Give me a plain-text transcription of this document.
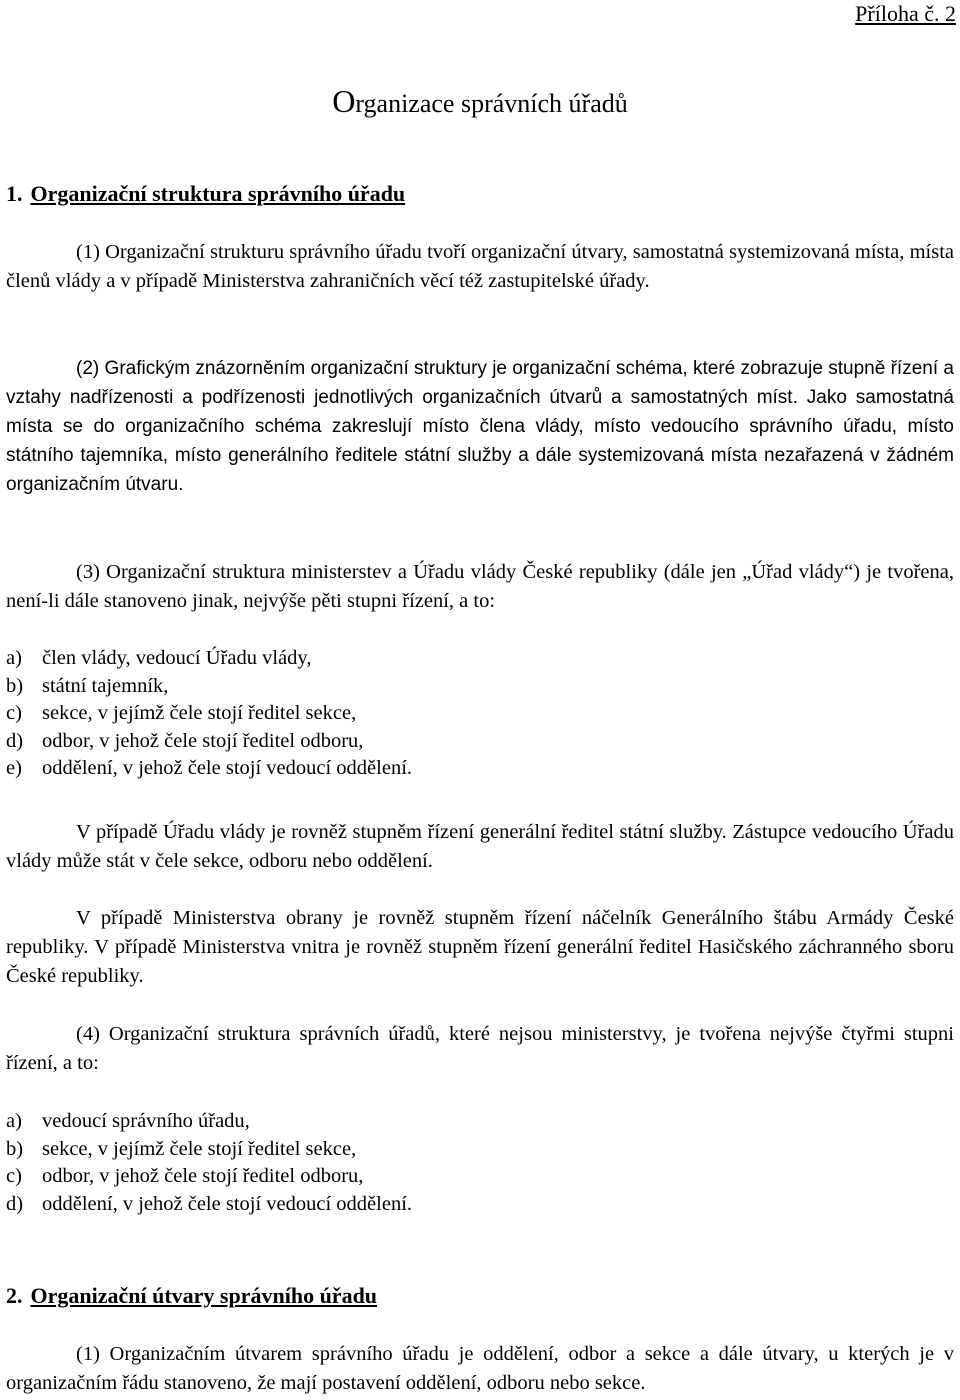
Příloha č. 2
Organizace správních úřadů
1. Organizační struktura správního úřadu

(1) Organizační strukturu správního úřadu tvoří organizační útvary, samostatná systemizovaná místa, místa členů vlády a v případě Ministerstva zahraničních věcí též zastupitelské úřady.

(2) Grafickým znázorněním organizační struktury je organizační schéma, které zobrazuje stupně řízení a vztahy nadřízenosti a podřízenosti jednotlivých organizačních útvarů a samostatných míst. Jako samostatná místa se do organizačního schéma zakreslují místo člena vlády, místo vedoucího správního úřadu, místo státního tajemníka, místo generálního ředitele státní služby a dále systemizovaná místa nezařazená v žádném organizačním útvaru.

(3) Organizační struktura ministerstev a Úřadu vlády České republiky (dále jen „Úřad vlády“) je tvořena, není-li dále stanoveno jinak, nejvýše pěti stupni řízení, a to:

a) člen vlády, vedoucí Úřadu vlády,
b) státní tajemník,
c) sekce, v jejímž čele stojí ředitel sekce,
d) odbor, v jehož čele stojí ředitel odboru,
e) oddělení, v jehož čele stojí vedoucí oddělení.

V případě Úřadu vlády je rovněž stupněm řízení generální ředitel státní služby. Zástupce vedoucího Úřadu vlády může stát v čele sekce, odboru nebo oddělení.

V případě Ministerstva obrany je rovněž stupněm řízení náčelník Generálního štábu Armády České republiky. V případě Ministerstva vnitra je rovněž stupněm řízení generální ředitel Hasičského záchranného sboru České republiky.

(4) Organizační struktura správních úřadů, které nejsou ministerstvy, je tvořena nejvýše čtyřmi stupni řízení, a to:

a) vedoucí správního úřadu,
b) sekce, v jejímž čele stojí ředitel sekce,
c) odbor, v jehož čele stojí ředitel odboru,
d) oddělení, v jehož čele stojí vedoucí oddělení.
2. Organizační útvary správního úřadu

(1) Organizačním útvarem správního úřadu je oddělení, odbor a sekce a dále útvary, u kterých je v organizačním řádu stanoveno, že mají postavení oddělení, odboru nebo sekce.
